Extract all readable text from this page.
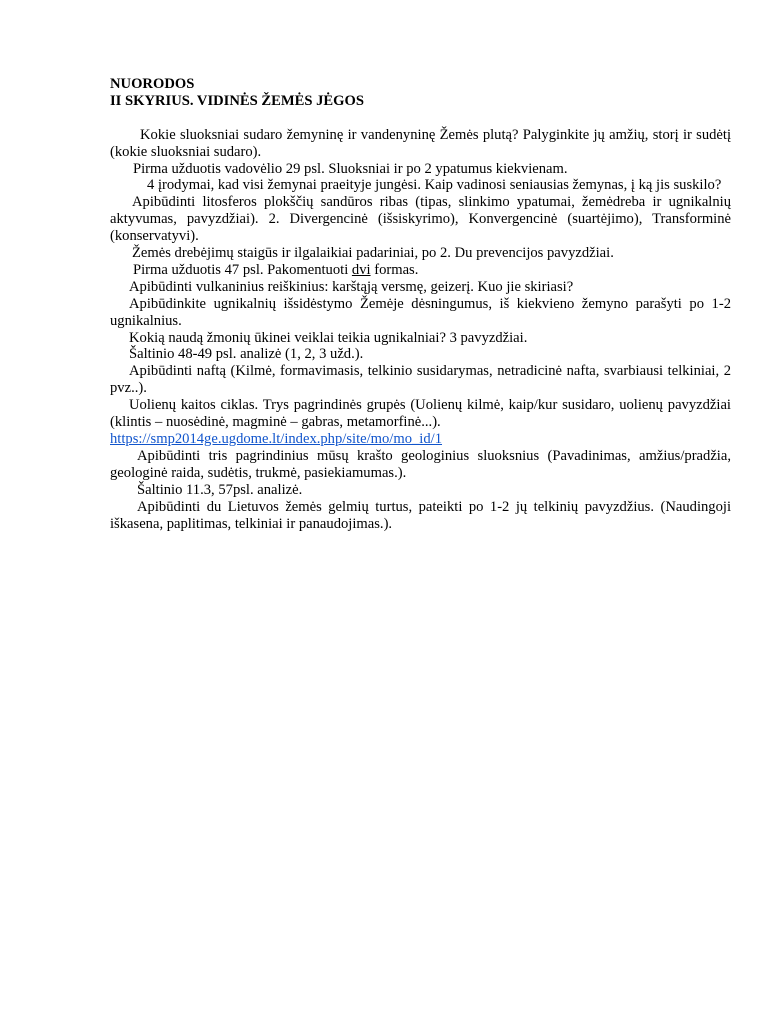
NUORODOS
II SKYRIUS. VIDINĖS ŽEMĖS JĖGOS

Kokie sluoksniai sudaro žemyninę ir vandenyninę Žemės plutą? Palyginkite jų amžių, storį ir sudėtį (kokie sluoksniai sudaro).

Pirma užduotis vadovėlio 29 psl. Sluoksniai ir po 2 ypatumus kiekvienam.

4 įrodymai, kad visi žemynai praeityje jungėsi. Kaip vadinosi seniausias žemynas, į ką jis suskilo?

Apibūdinti litosferos plokščių sandūros ribas (tipas, slinkimo ypatumai, žemėdreba ir ugnikalnių aktyvumas, pavyzdžiai). 2. Divergencinė (išsiskyrimo), Konvergencinė (suartėjimo), Transforminė (konservatyvi).

Žemės drebėjimų staigūs ir ilgalaikiai padariniai, po 2. Du prevencijos pavyzdžiai.

Pirma užduotis 47 psl. Pakomentuoti dvi formas.

Apibūdinti vulkaninius reiškinius: karštąją versmę, geizerį. Kuo jie skiriasi?

Apibūdinkite ugnikalnių išsidėstymo Žemėje dėsningumus, iš kiekvieno žemyno parašyti po 1-2 ugnikalnius.

Kokią naudą žmonių ūkinei veiklai teikia ugnikalniai? 3 pavyzdžiai.

Šaltinio 48-49 psl. analizė (1, 2, 3 užd.).

Apibūdinti naftą (Kilmė, formavimasis, telkinio susidarymas, netradicinė nafta, svarbiausi telkiniai, 2 pvz..).

Uolienų kaitos ciklas. Trys pagrindinės grupės (Uolienų kilmė, kaip/kur susidaro, uolienų pavyzdžiai (klintis – nuosėdinė, magminė – gabras, metamorfinė...).

https://smp2014ge.ugdome.lt/index.php/site/mo/mo_id/1

Apibūdinti tris pagrindinius mūsų krašto geologinius sluoksnius (Pavadinimas, amžius/pradžia, geologinė raida, sudėtis, trukmė, pasiekiamumas.).

Šaltinio 11.3, 57psl. analizė.

Apibūdinti du Lietuvos žemės gelmių turtus, pateikti po 1-2 jų telkinių pavyzdžius. (Naudingoji iškasena, paplitimas, telkiniai ir panaudojimas.).
